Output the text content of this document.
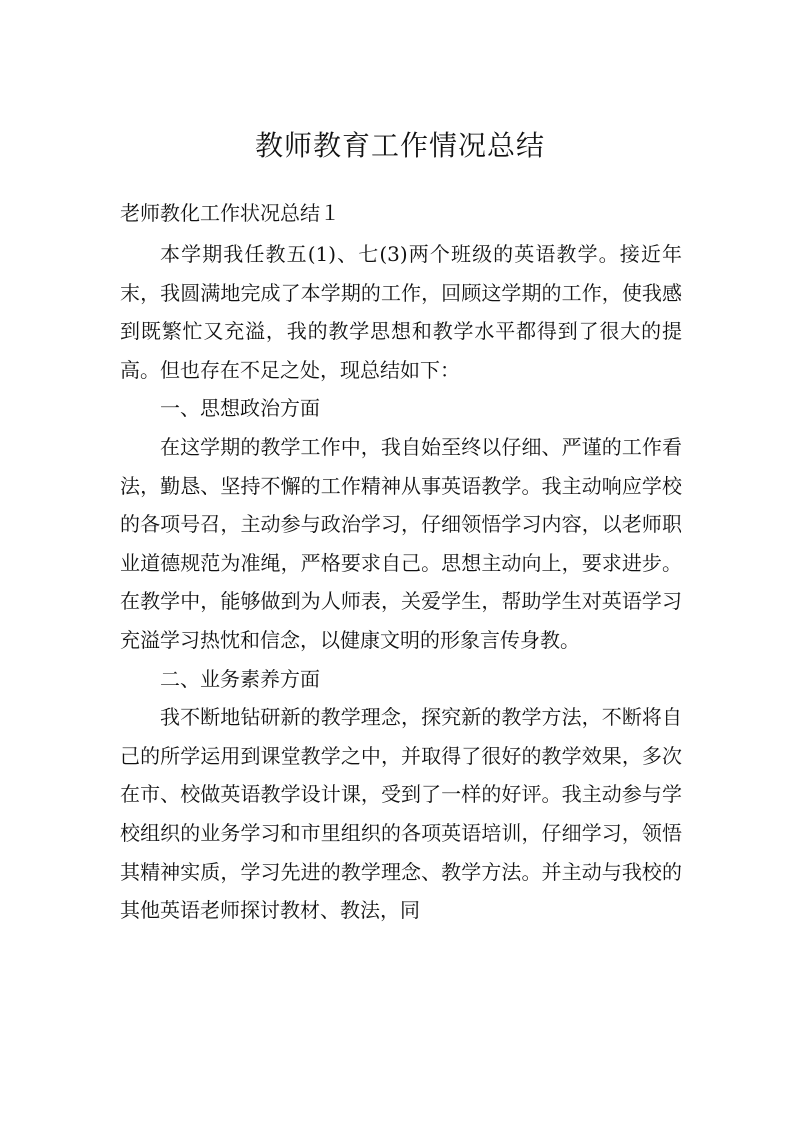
教师教育工作情况总结

老师教化工作状况总结１

本学期我任教五(1)、七(3)两个班级的英语教学。接近年末，我圆满地完成了本学期的工作，回顾这学期的工作，使我感到既繁忙又充溢，我的教学思想和教学水平都得到了很大的提高。但也存在不足之处，现总结如下：

一、思想政治方面

在这学期的教学工作中，我自始至终以仔细、严谨的工作看法，勤恳、坚持不懈的工作精神从事英语教学。我主动响应学校的各项号召，主动参与政治学习，仔细领悟学习内容，以老师职业道德规范为准绳，严格要求自己。思想主动向上，要求进步。在教学中，能够做到为人师表，关爱学生，帮助学生对英语学习充溢学习热忱和信念，以健康文明的形象言传身教。

二、业务素养方面

我不断地钻研新的教学理念，探究新的教学方法，不断将自己的所学运用到课堂教学之中，并取得了很好的教学效果，多次在市、校做英语教学设计课，受到了一样的好评。我主动参与学校组织的业务学习和市里组织的各项英语培训，仔细学习，领悟其精神实质，学习先进的教学理念、教学方法。并主动与我校的其他英语老师探讨教材、教法，同
